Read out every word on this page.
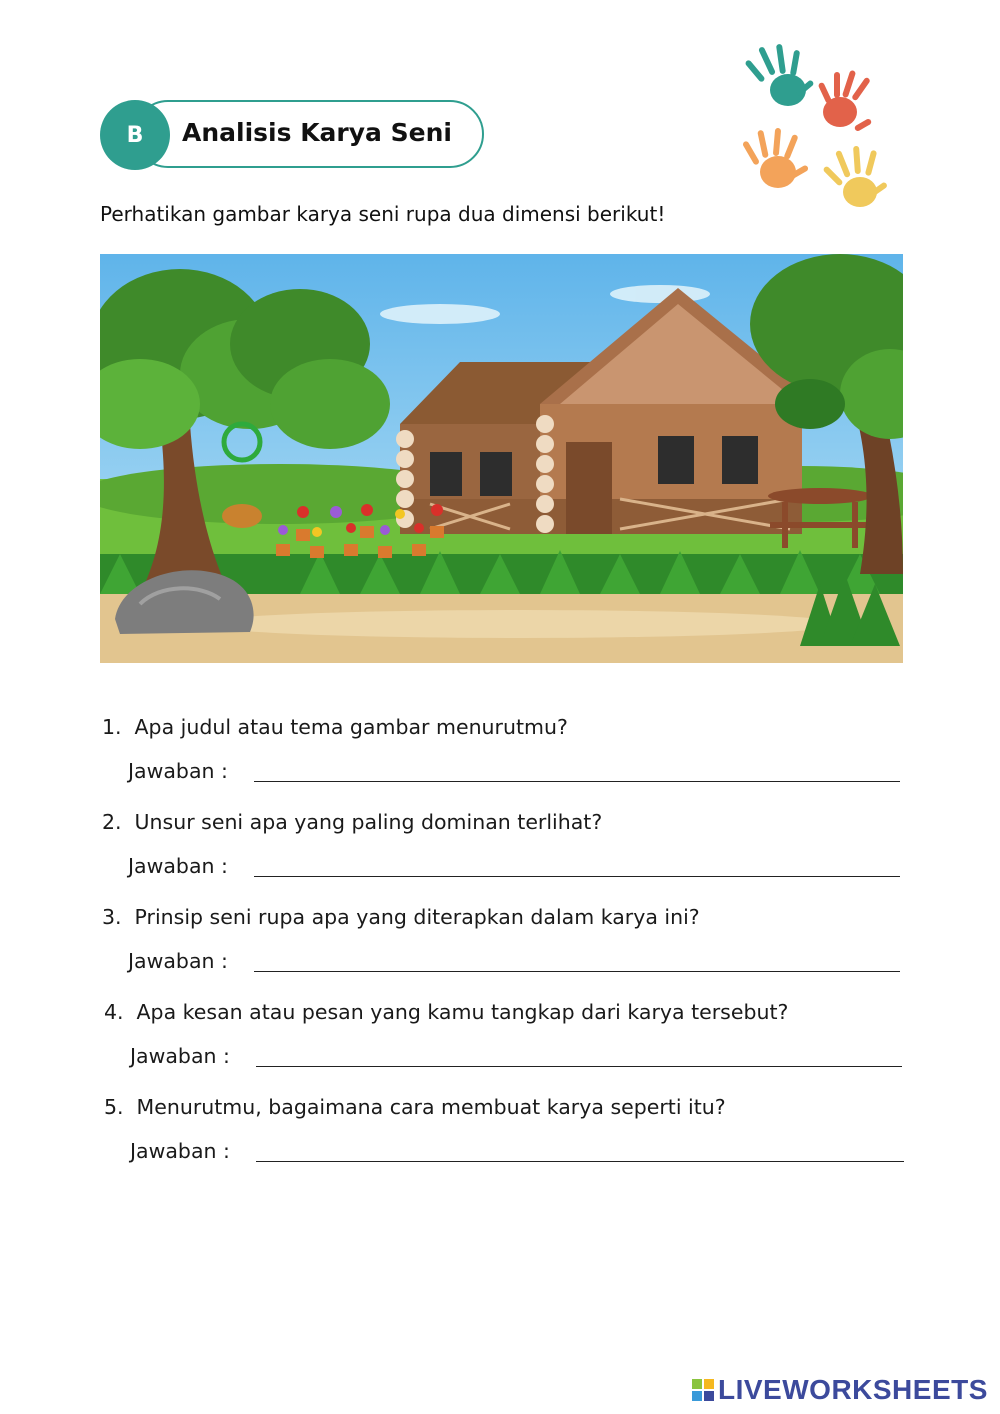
B	Analisis Karya Seni
Perhatikan gambar karya seni rupa dua dimensi berikut!
1. Apa judul atau tema gambar menurutmu?
Jawaban :
2. Unsur seni apa yang paling dominan terlihat?
Jawaban :
3. Prinsip seni rupa apa yang diterapkan dalam karya ini?
Jawaban :
4. Apa kesan atau pesan yang kamu tangkap dari karya tersebut?
Jawaban :
5. Menurutmu, bagaimana cara membuat karya seperti itu?
Jawaban :
LIVEWORKSHEETS
